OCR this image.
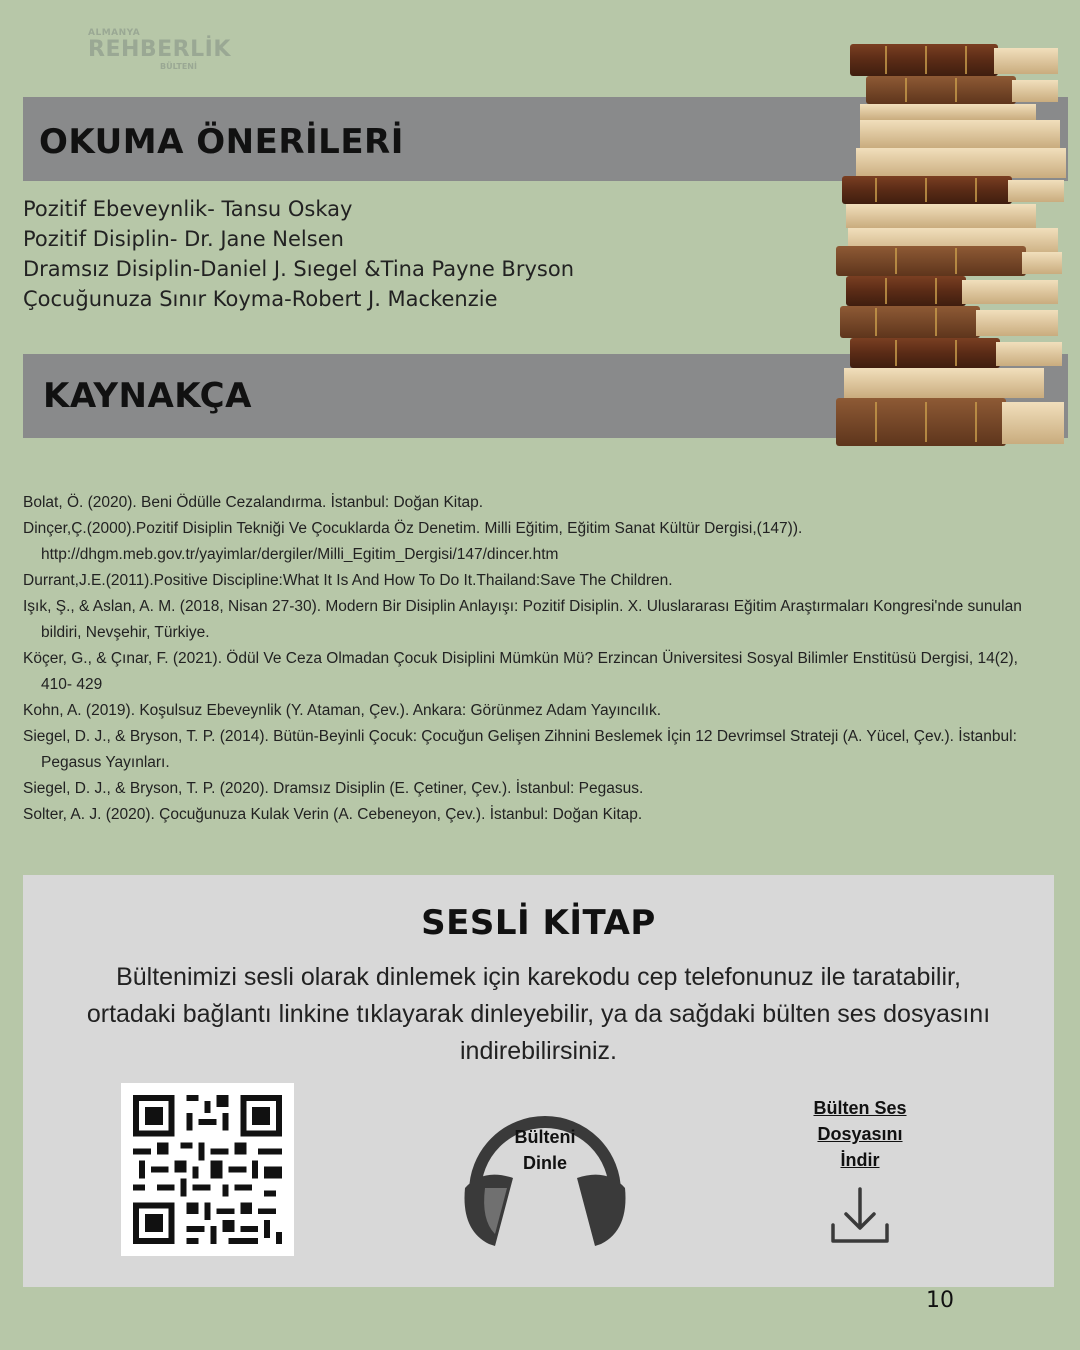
ALMANYA
REHBERLİK
BÜLTENİ
OKUMA ÖNERİLERİ
Pozitif Ebeveynlik- Tansu Oskay
Pozitif Disiplin- Dr. Jane Nelsen
Dramsız Disiplin-Daniel J. Sıegel &Tina Payne Bryson
Çocuğunuza Sınır Koyma-Robert J. Mackenzie
KAYNAKÇA
Bolat, Ö. (2020). Beni Ödülle Cezalandırma. İstanbul: Doğan Kitap.
Dinçer,Ç.(2000).Pozitif Disiplin Tekniği Ve Çocuklarda Öz Denetim. Milli Eğitim, Eğitim Sanat Kültür Dergisi,(147)). http://dhgm.meb.gov.tr/yayimlar/dergiler/Milli_Egitim_Dergisi/147/dincer.htm
Durrant,J.E.(2011).Positive Discipline:What It Is And How To Do It.Thailand:Save The Children.
Işık, Ş., & Aslan, A. M. (2018, Nisan 27-30). Modern Bir Disiplin Anlayışı: Pozitif Disiplin. X. Uluslararası Eğitim Araştırmaları Kongresi'nde sunulan bildiri, Nevşehir, Türkiye.
Köçer, G., & Çınar, F. (2021). Ödül Ve Ceza Olmadan Çocuk Disiplini Mümkün Mü? Erzincan Üniversitesi Sosyal Bilimler Enstitüsü Dergisi, 14(2), 410- 429
Kohn, A. (2019). Koşulsuz Ebeveynlik (Y. Ataman, Çev.). Ankara: Görünmez Adam Yayıncılık.
Siegel, D. J., & Bryson, T. P. (2014). Bütün-Beyinli Çocuk: Çocuğun Gelişen Zihnini Beslemek İçin 12 Devrimsel Strateji (A. Yücel, Çev.). İstanbul: Pegasus Yayınları.
Siegel, D. J., & Bryson, T. P. (2020). Dramsız Disiplin (E. Çetiner, Çev.). İstanbul: Pegasus.
Solter, A. J. (2020). Çocuğunuza Kulak Verin (A. Cebeneyon, Çev.). İstanbul: Doğan Kitap.
SESLİ KİTAP

Bültenimizi sesli olarak dinlemek için karekodu cep telefonunuz ile taratabilir, ortadaki bağlantı linkine tıklayarak dinleyebilir, ya da sağdaki bülten ses dosyasını indirebilirsiniz.

Bülteni
Dinle
Bülten Ses
Dosyasını
İndir
10
